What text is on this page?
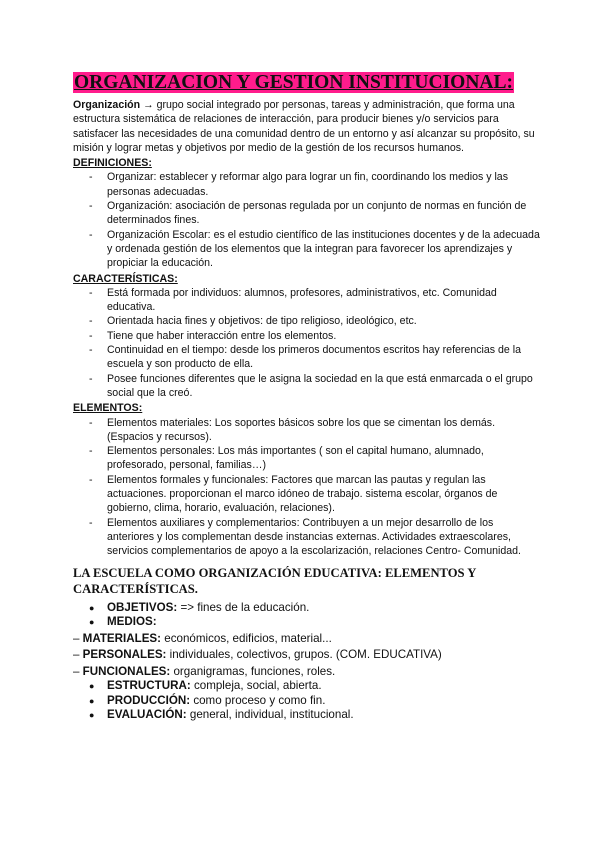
ORGANIZACION Y GESTION INSTITUCIONAL:
Organización → grupo social integrado por personas, tareas y administración, que forma una estructura sistemática de relaciones de interacción, para producir bienes y/o servicios para satisfacer las necesidades de una comunidad dentro de un entorno y así alcanzar su propósito, su misión y lograr metas y objetivos por medio de la gestión de los recursos humanos.
DEFINICIONES:
- Organizar: establecer y reformar algo para lograr un fin, coordinando los medios y las personas adecuadas.
- Organización: asociación de personas regulada por un conjunto de normas en función de determinados fines.
- Organización Escolar: es el estudio científico de las instituciones docentes y de la adecuada y ordenada gestión de los elementos que la integran para favorecer los aprendizajes y propiciar la educación.
CARACTERÍSTICAS:
- Está formada por individuos: alumnos, profesores, administrativos, etc. Comunidad educativa.
- Orientada hacia fines y objetivos: de tipo religioso, ideológico, etc.
- Tiene que haber interacción entre los elementos.
- Continuidad en el tiempo: desde los primeros documentos escritos hay referencias de la escuela y son producto de ella.
- Posee funciones diferentes que le asigna la sociedad en la que está enmarcada o el grupo social que la creó.
ELEMENTOS:
- Elementos materiales: Los soportes básicos sobre los que se cimentan los demás. (Espacios y recursos).
- Elementos personales: Los más importantes ( son el capital humano, alumnado, profesorado, personal, familias…)
- Elementos formales y funcionales: Factores que marcan las pautas y regulan las actuaciones. proporcionan el marco idóneo de trabajo. sistema escolar, órganos de gobierno, clima, horario, evaluación, relaciones).
- Elementos auxiliares y complementarios: Contribuyen a un mejor desarrollo de los anteriores y los complementan desde instancias externas. Actividades extraescolares, servicios complementarios de apoyo a la escolarización, relaciones Centro- Comunidad.
LA ESCUELA COMO ORGANIZACIÓN EDUCATIVA: ELEMENTOS Y CARACTERÍSTICAS.
● OBJETIVOS: => fines de la educación.
● MEDIOS:
– MATERIALES: económicos, edificios, material...
– PERSONALES: individuales, colectivos, grupos. (COM. EDUCATIVA)
– FUNCIONALES: organigramas, funciones, roles.
● ESTRUCTURA: compleja, social, abierta.
● PRODUCCIÓN: como proceso y como fin.
● EVALUACIÓN: general, individual, institucional.
